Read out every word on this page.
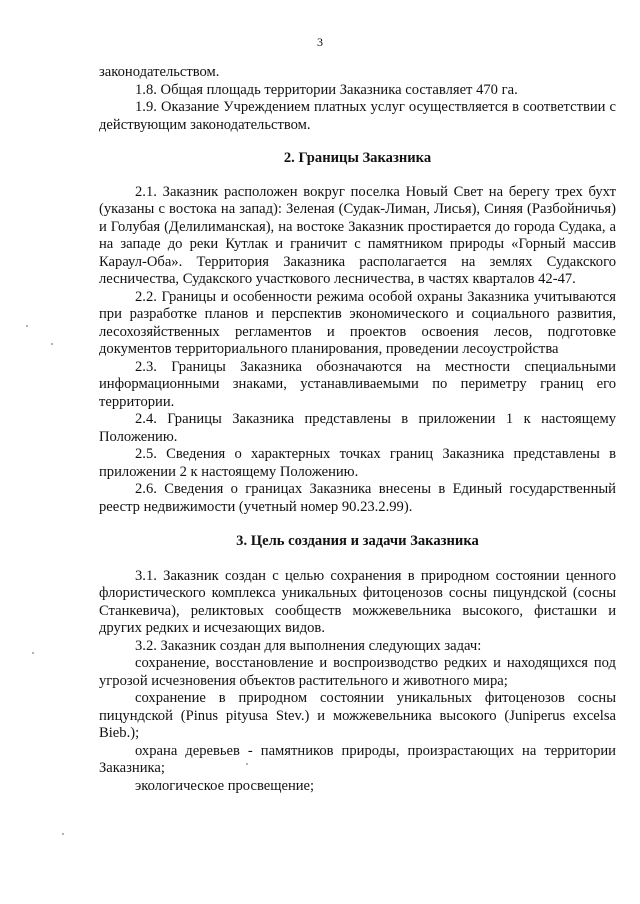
3

законодательством.

1.8. Общая площадь территории Заказника составляет 470 га.

1.9. Оказание Учреждением платных услуг осуществляется в соответствии с действующим законодательством.

2. Границы Заказника

2.1. Заказник расположен вокруг поселка Новый Свет на берегу трех бухт (указаны с востока на запад): Зеленая (Судак-Лиман, Лисья), Синяя (Разбойничья) и Голубая (Делилиманская), на востоке Заказник простирается до города Судака, а на западе до реки Кутлак и граничит с памятником природы «Горный массив Караул-Оба». Территория Заказника располагается на землях Судакского лесничества, Судакского участкового лесничества, в частях кварталов 42-47.

2.2. Границы и особенности режима особой охраны Заказника учитываются при разработке планов и перспектив экономического и социального развития, лесохозяйственных регламентов и проектов освоения лесов, подготовке документов территориального планирования, проведении лесоустройства

2.3. Границы Заказника обозначаются на местности специальными информационными знаками, устанавливаемыми по периметру границ его территории.

2.4. Границы Заказника представлены в приложении 1 к настоящему Положению.

2.5. Сведения о характерных точках границ Заказника представлены в приложении 2 к настоящему Положению.

2.6. Сведения о границах Заказника внесены в Единый государственный реестр недвижимости (учетный номер 90.23.2.99).

3. Цель создания и задачи Заказника

3.1. Заказник создан с целью сохранения в природном состоянии ценного флористического комплекса уникальных фитоценозов сосны пицундской (сосны Станкевича), реликтовых сообществ можжевельника высокого, фисташки и других редких и исчезающих видов.

3.2. Заказник создан для выполнения следующих задач:

сохранение, восстановление и воспроизводство редких и находящихся под угрозой исчезновения объектов растительного и животного мира;

сохранение в природном состоянии уникальных фитоценозов сосны пицундской (Pinus pityusa Stev.) и можжевельника высокого (Juniperus excelsa Bieb.);

охрана деревьев - памятников природы, произрастающих на территории Заказника;

экологическое просвещение;
